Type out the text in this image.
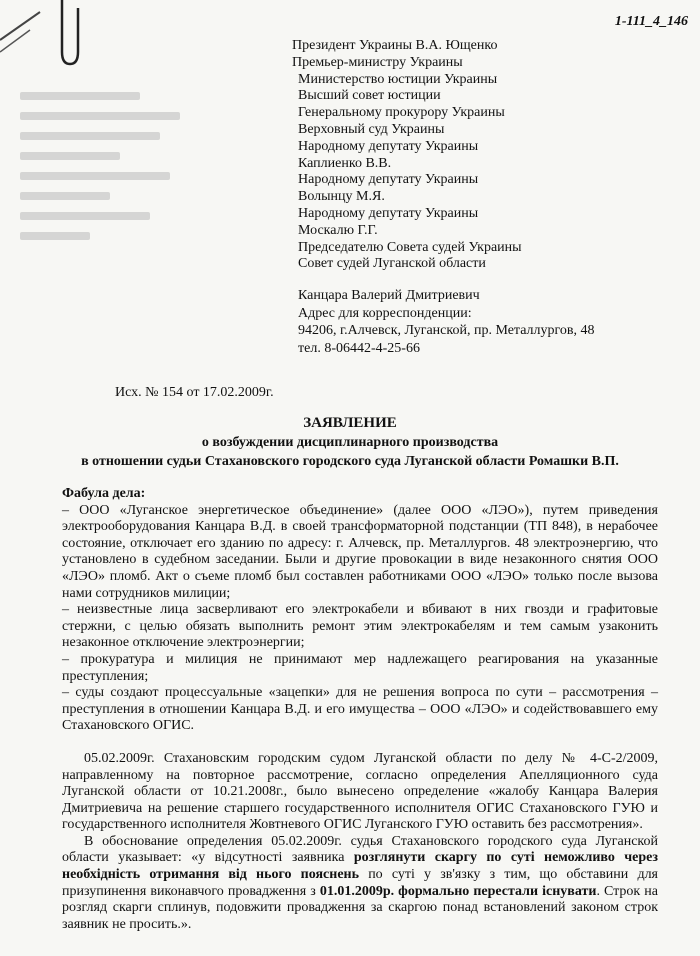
1-111_4_146
Президент Украины В.А. Ющенко
Премьер-министру Украины
Министерство юстиции Украины
Высший совет юстиции
Генеральному прокурору Украины
Верховный суд Украины
Народному депутату Украины
Каплиенко В.В.
Народному депутату Украины
Волынцу М.Я.
Народному депутату Украины
Москалю Г.Г.
Председателю Совета судей Украины
Совет судей Луганской области
Канцара Валерий Дмитриевич
Адрес для корреспонденции:
94206, г.Алчевск, Луганской, пр. Металлургов, 48
тел. 8-06442-4-25-66
Исх. № 154 от 17.02.2009г.
ЗАЯВЛЕНИЕ
о возбуждении дисциплинарного производства
в отношении судьи Стахановского городского суда Луганской области Ромашки В.П.

Фабула дела:

– ООО «Луганское энергетическое объединение» (далее ООО «ЛЭО»), путем приведения электрооборудования Канцара В.Д. в своей трансформаторной подстанции (ТП 848), в нерабочее состояние, отключает его зданию по адресу: г. Алчевск, пр. Металлургов. 48 электроэнергию, что установлено в судебном заседании. Были и другие провокации в виде незаконного снятия ООО «ЛЭО» пломб. Акт о съеме пломб был составлен работниками ООО «ЛЭО» только после вызова нами сотрудников милиции;

– неизвестные лица засверливают его электрокабели и вбивают в них гвозди и графитовые стержни, с целью обязать выполнить ремонт этим электрокабелям и тем самым узаконить незаконное отключение электроэнергии;

– прокуратура и милиция не принимают мер надлежащего реагирования на указанные преступления;

– суды создают процессуальные «зацепки» для не решения вопроса по сути – рассмотрения – преступления в отношении Канцара В.Д. и его имущества – ООО «ЛЭО» и содействовавшего ему Стахановского ОГИС.

05.02.2009г. Стахановским городским судом Луганской области по делу № 4-С-2/2009, направленному на повторное рассмотрение, согласно определения Апелляционного суда Луганской области от 10.21.2008г., было вынесено определение «жалобу Канцара Валерия Дмитриевича на решение старшего государственного исполнителя ОГИС Стахановского ГУЮ и государственного исполнителя Жовтневого ОГИС Луганского ГУЮ оставить без рассмотрения».

В обоснование определения 05.02.2009г. судья Стахановского городского суда Луганской области указывает: «у відсутності заявника розглянути скаргу по суті неможливо через необхідність отримання від нього пояснень по суті у зв'язку з тим, що обставини для призупинення виконавчого провадження з 01.01.2009р. формально перестали існувати. Строк на розгляд скарги сплинув, подовжити провадження за скаргою понад встановлений законом строк заявник не просить.».
